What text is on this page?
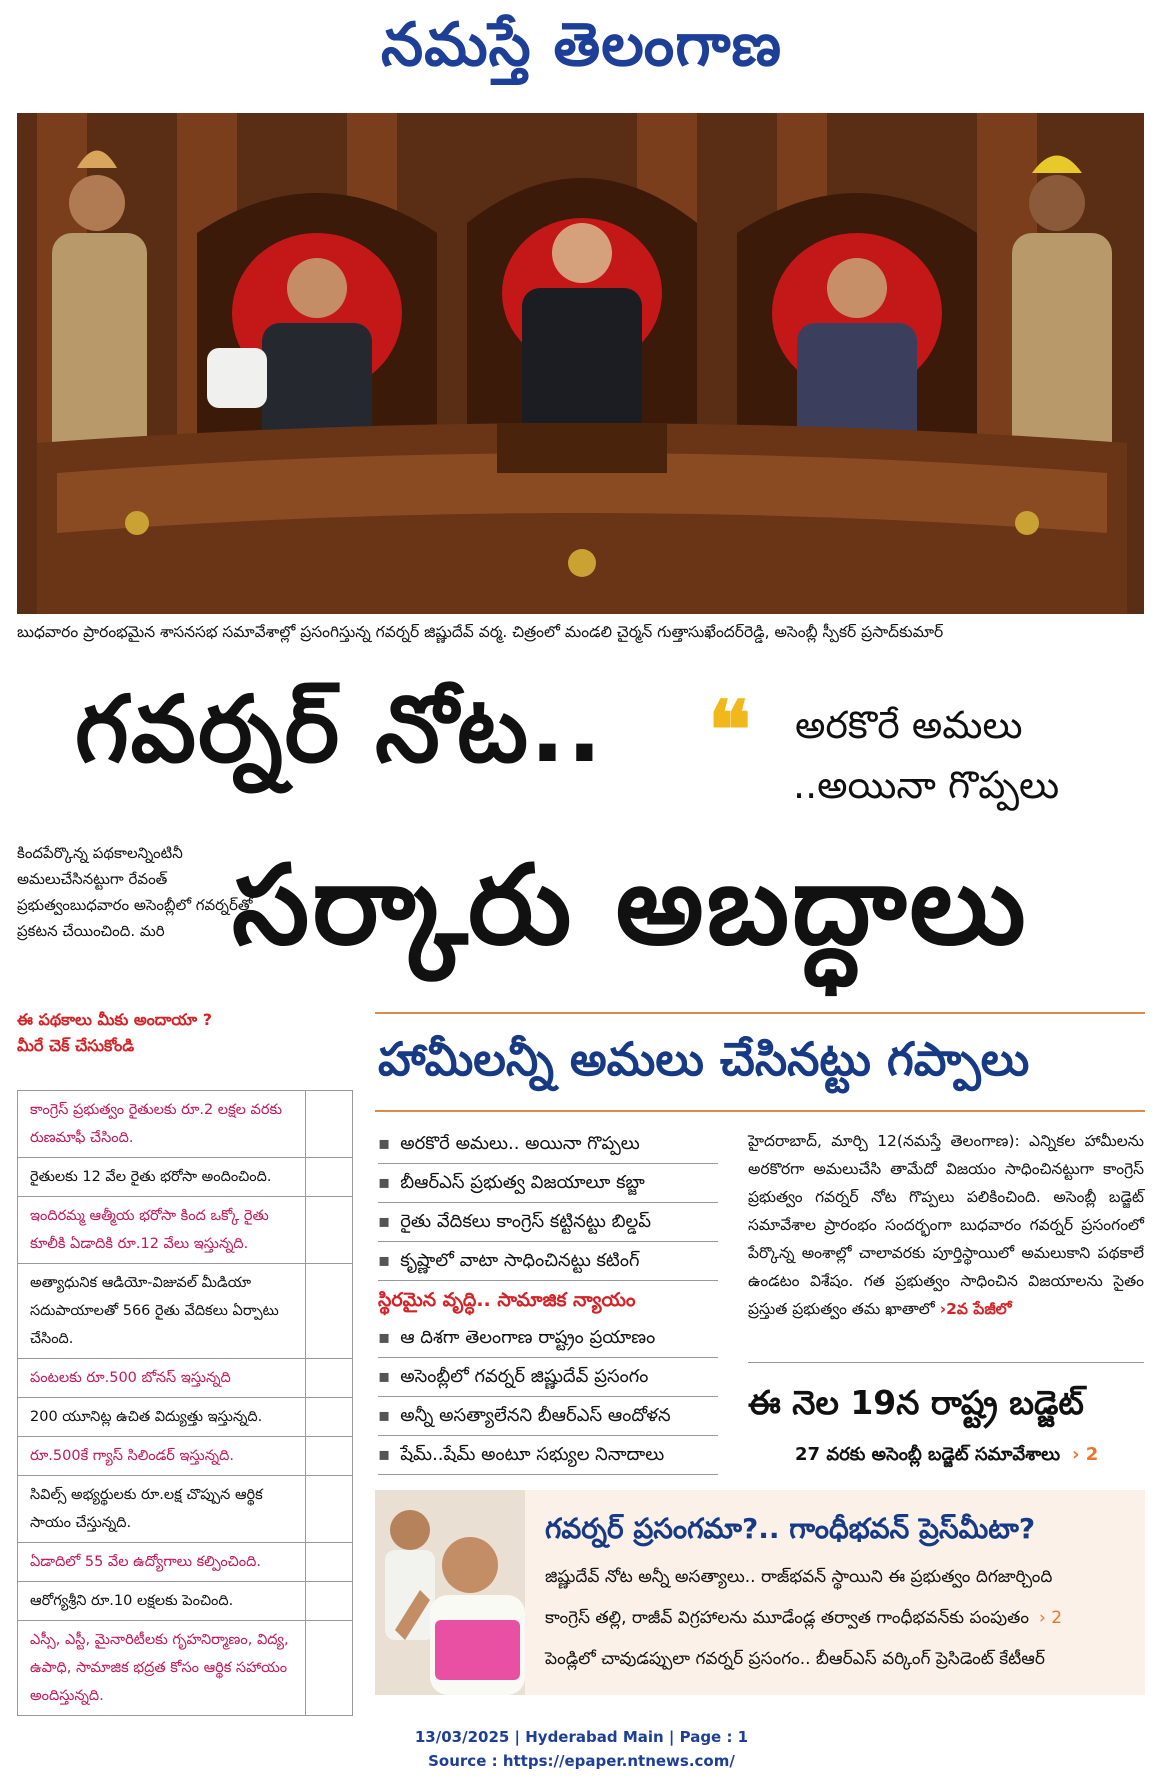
నమస్తే తెలంగాణ
బుధవారం ప్రారంభమైన శాసనసభ సమావేశాల్లో ప్రసంగిస్తున్న గవర్నర్ జిష్ణుదేవ్ వర్మ. చిత్రంలో మండలి చైర్మన్ గుత్తాసుఖేందర్‌రెడ్డి, అసెంబ్లీ స్పీకర్ ప్రసాద్‌కుమార్
గవర్నర్ నోట.. ❝ అరకొరే అమలు
..అయినా గొప్పలు
సర్కారు అబద్ధాలు
కిందపేర్కొన్న పథకాలన్నింటినీ అమలుచేసినట్టుగా రేవంత్ ప్రభుత్వంబుధవారం అసెంబ్లీలో గవర్నర్‌తో ప్రకటన చేయించింది. మరి
ఈ పథకాలు మీకు అందాయా ?
మీరే చెక్ చేసుకోండి	హామీలన్నీ అమలు చేసినట్టు గప్పాలు
కాంగ్రెస్ ప్రభుత్వం రైతులకు రూ.2 లక్షల వరకు రుణమాఫీ చేసింది.
రైతులకు 12 వేల రైతు భరోసా అందించింది.
ఇందిరమ్మ ఆత్మీయ భరోసా కింద ఒక్కో రైతు కూలీకి ఏడాదికి రూ.12 వేలు ఇస్తున్నది.
అత్యాధునిక ఆడియో-విజువల్ మీడియా సదుపాయాలతో 566 రైతు వేదికలు ఏర్పాటు చేసింది.
పంటలకు రూ.500 బోనస్ ఇస్తున్నది
200 యూనిట్ల ఉచిత విద్యుత్తు ఇస్తున్నది.
రూ.500కే గ్యాస్ సిలిండర్ ఇస్తున్నది.
సివిల్స్ అభ్యర్థులకు రూ.లక్ష చొప్పున ఆర్థిక సాయం చేస్తున్నది.
ఏడాదిలో 55 వేల ఉద్యోగాలు కల్పించింది.
ఆరోగ్యశ్రీని రూ.10 లక్షలకు పెంచింది.
ఎస్సీ, ఎస్టీ, మైనారిటీలకు గృహనిర్మాణం, విద్య, ఉపాధి, సామాజిక భద్రత కోసం ఆర్థిక సహాయం అందిస్తున్నది.
▪ అరకొరే అమలు.. అయినా గొప్పలు
▪ బీఆర్ఎస్ ప్రభుత్వ విజయాలూ కబ్జా
▪ రైతు వేదికలు కాంగ్రెస్ కట్టినట్టు బిల్డప్
▪ కృష్ణాలో వాటా సాధించినట్టు కటింగ్
స్థిరమైన వృద్ధి.. సామాజిక న్యాయం
▪ ఆ దిశగా తెలంగాణ రాష్ట్రం ప్రయాణం
▪ అసెంబ్లీలో గవర్నర్ జిష్ణుదేవ్ ప్రసంగం
▪ అన్నీ అసత్యాలేనని బీఆర్ఎస్ ఆందోళన
▪ షేమ్..షేమ్ అంటూ సభ్యుల నినాదాలు
హైదరాబాద్, మార్చి 12(నమస్తే తెలంగాణ): ఎన్నికల హామీలను అరకొరగా అమలుచేసి తామేదో విజయం సాధించినట్టుగా కాంగ్రెస్ ప్రభుత్వం గవర్నర్ నోట గొప్పలు పలికించింది. అసెంబ్లీ బడ్జెట్ సమావేశాల ప్రారంభం సందర్భంగా బుధవారం గవర్నర్ ప్రసంగంలో పేర్కొన్న అంశాల్లో చాలావరకు పూర్తిస్థాయిలో అమలుకాని పథకాలే ఉండటం విశేషం. గత ప్రభుత్వం సాధించిన విజయాలను సైతం ప్రస్తుత ప్రభుత్వం తమ ఖాతాలో ›2వ పేజీలో
ఈ నెల 19న రాష్ట్ర బడ్జెట్
27 వరకు అసెంబ్లీ బడ్జెట్ సమావేశాలు › 2
గవర్నర్ ప్రసంగమా?.. గాంధీభవన్ ప్రెస్‌మీటా?
జిష్ణుదేవ్ నోట అన్నీ అసత్యాలు.. రాజ్‌భవన్ స్థాయిని ఈ ప్రభుత్వం దిగజార్చింది
కాంగ్రెస్ తల్లి, రాజీవ్ విగ్రహాలను మూడేండ్ల తర్వాత గాంధీభవన్‌కు పంపుతం › 2
పెండ్లిలో చావుడప్పులా గవర్నర్ ప్రసంగం.. బీఆర్ఎస్ వర్కింగ్ ప్రెసిడెంట్ కేటీఆర్
13/03/2025 | Hyderabad Main | Page : 1
Source : https://epaper.ntnews.com/
